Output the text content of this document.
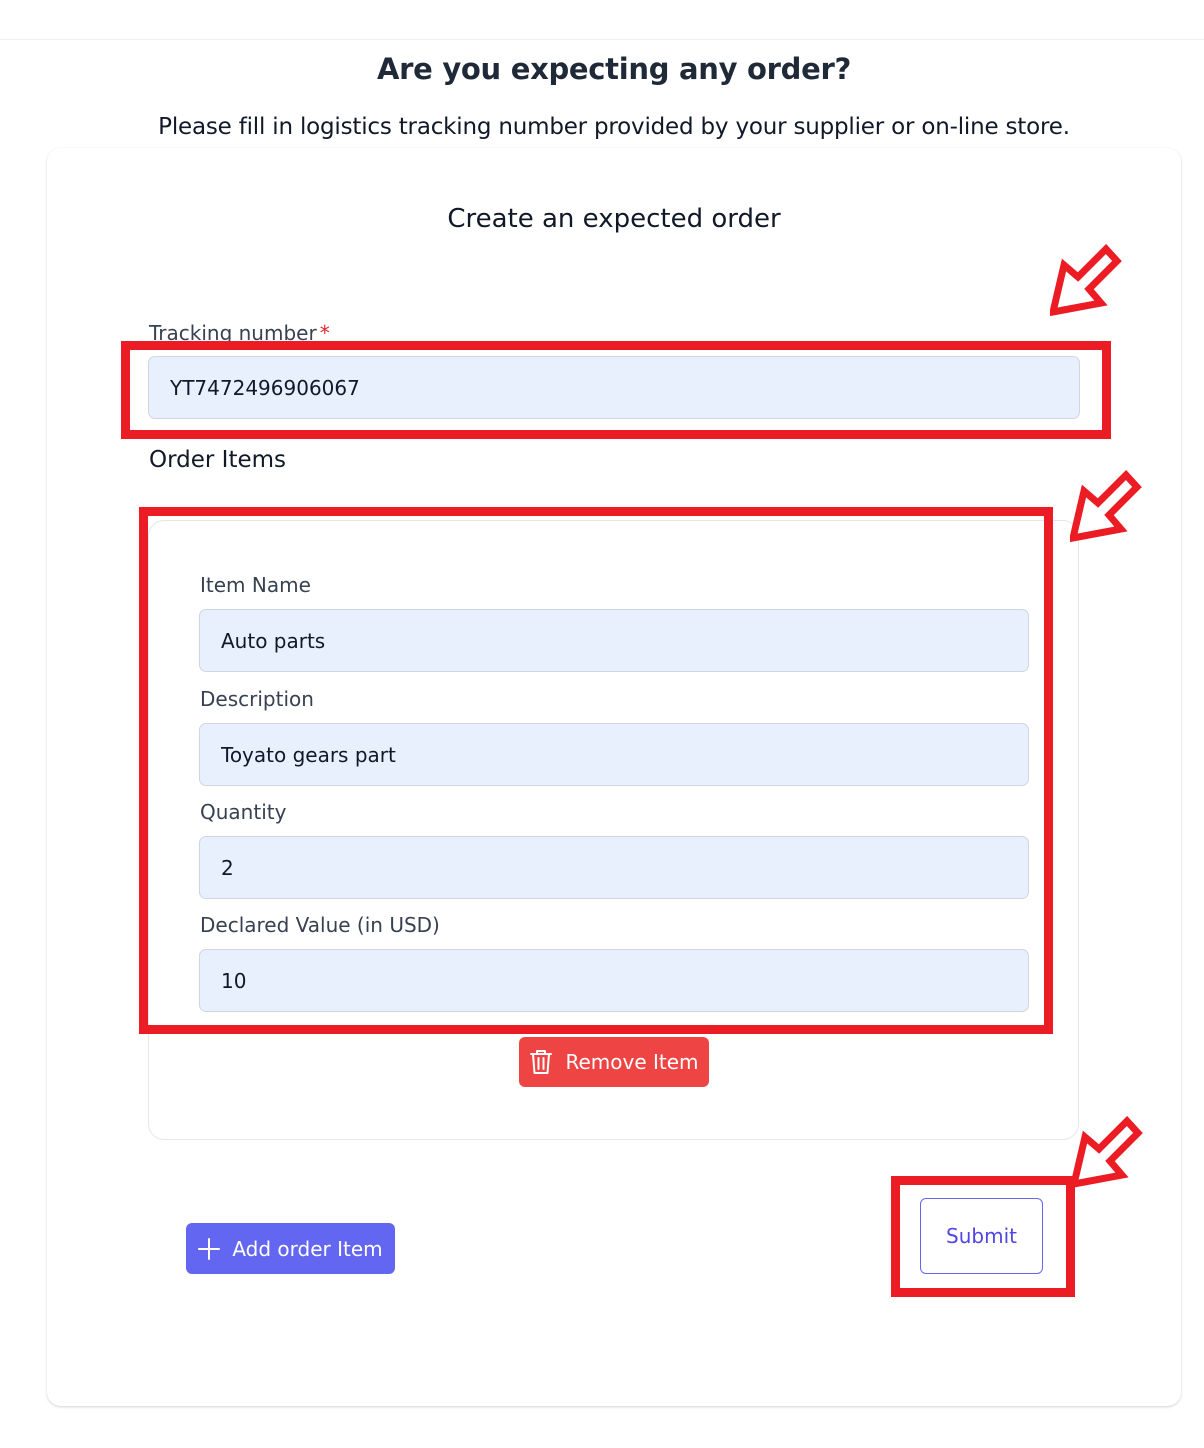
Are you expecting any order?
Please fill in logistics tracking number provided by your supplier or on-line store.
Create an expected order
Tracking number *
YT7472496906067
Order Items
Item Name
Auto parts
Description
Toyato gears part
Quantity
2
Declared Value (in USD)
10
Remove Item
Add order Item
Submit
